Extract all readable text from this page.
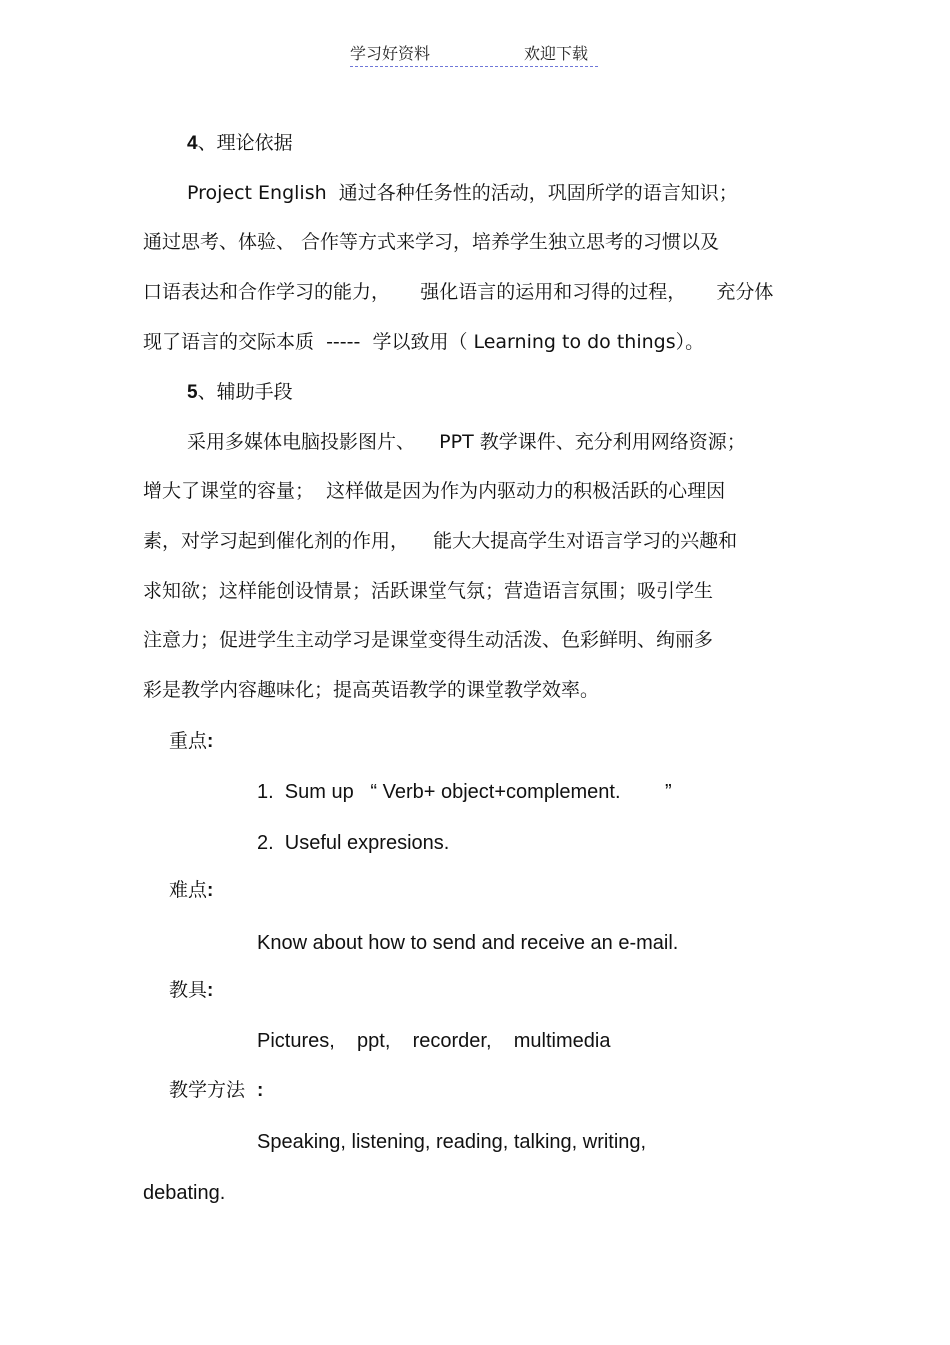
学习好资料	欢迎下载
4、理论依据
Project English  通过各种任务性的活动，巩固所学的语言知识；
通过思考、体验、 合作等方式来学习，培养学生独立思考的习惯以及
口语表达和合作学习的能力，     强化语言的运用和习得的过程，     充分体
现了语言的交际本质  -----  学以致用（ Learning to do things）。
5、辅助手段
采用多媒体电脑投影图片、    PPT 教学课件、充分利用网络资源；
增大了课堂的容量；  这样做是因为作为内驱动力的积极活跃的心理因
素，对学习起到催化剂的作用，    能大大提高学生对语言学习的兴趣和
求知欲；这样能创设情景；活跃课堂气氛；营造语言氛围；吸引学生
注意力；促进学生主动学习是课堂变得生动活泼、色彩鲜明、绚丽多
彩是教学内容趣味化；提高英语教学的课堂教学效率。
重点:
1.  Sum up   “ Verb+ object+complement.        ”
2.  Useful expresions.
难点:
Know about how to send and receive an e-mail.
教具:
Pictures,    ppt,    recorder,    multimedia
教学方法 :
Speaking, listening, reading, talking, writing,
debating.
